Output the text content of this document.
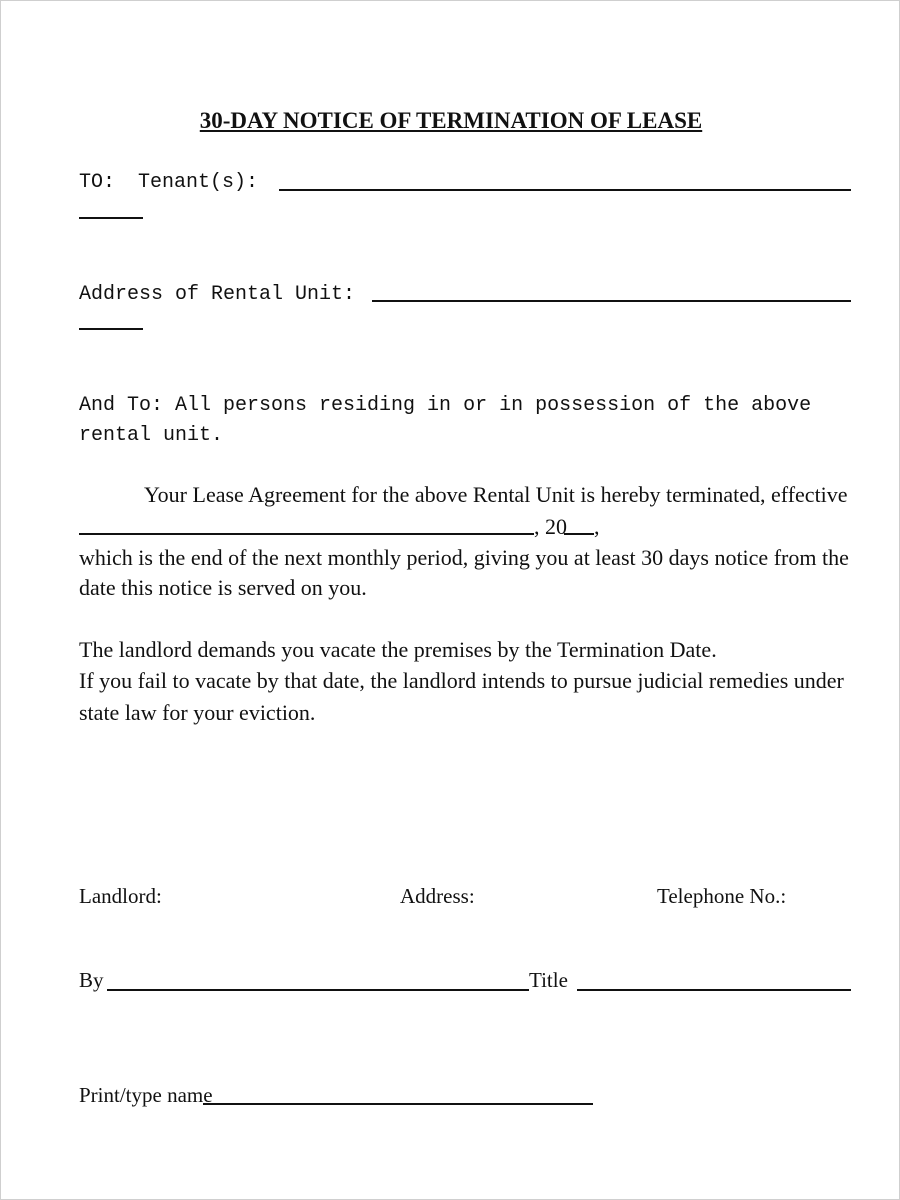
30-DAY NOTICE OF TERMINATION OF LEASE
TO: Tenant(s):
Address of Rental Unit:
And To: All persons residing in or in possession of the above
rental unit.
Your Lease Agreement for the above Rental Unit is hereby terminated, effective
, 20 ,
which is the end of the next monthly period, giving you at least 30 days notice from the
date this notice is served on you.
The landlord demands you vacate the premises by the Termination Date.
If you fail to vacate by that date, the landlord intends to pursue judicial remedies under
state law for your eviction.
Landlord:	Address:	Telephone No.:
By	Title
Print/type name
